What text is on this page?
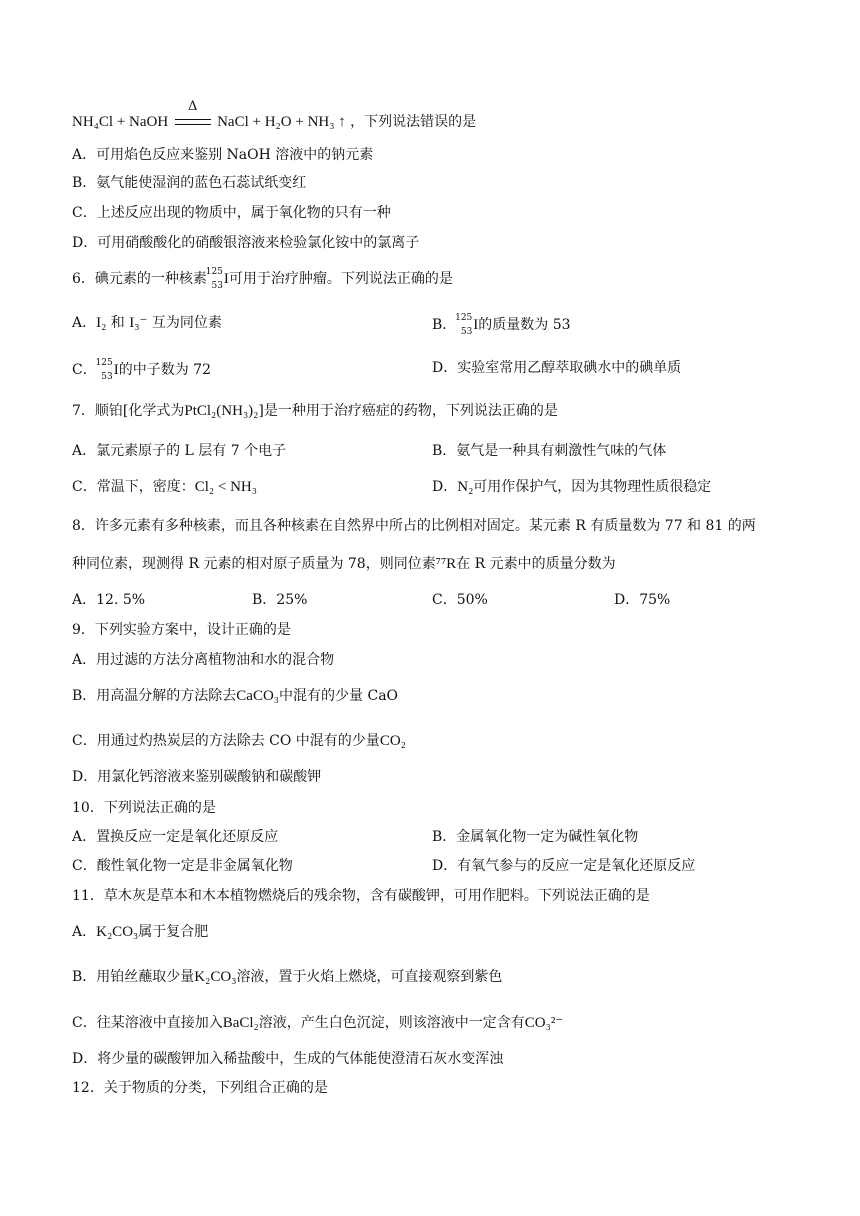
NH₄Cl + NaOH
Δ
NaCl + H₂O + NH₃ ↑ ，下列说法错误的是
A．可用焰色反应来鉴别 NaOH 溶液中的钠元素
B．氨气能使湿润的蓝色石蕊试纸变红
C．上述反应出现的物质中，属于氧化物的只有一种
D．可用硝酸酸化的硝酸银溶液来检验氯化铵中的氯离子
6．碘元素的一种核素
125
53 I可用于治疗肿瘤。下列说法正确的是
A．I₂ 和 I₃⁻ 互为同位素	B．
125
53 I的质量数为 53
C．
125
53 I的中子数为 72	D．实验室常用乙醇萃取碘水中的碘单质
7．顺铂[化学式为PtCl₂(NH₃)₂]是一种用于治疗癌症的药物，下列说法正确的是
A．氯元素原子的 L 层有 7 个电子	B．氨气是一种具有刺激性气味的气体
C．常温下，密度：Cl₂ < NH₃	D．N₂可用作保护气，因为其物理性质很稳定
8．许多元素有多种核素，而且各种核素在自然界中所占的比例相对固定。某元素 R 有质量数为 77 和 81 的两
种同位素，现测得 R 元素的相对原子质量为 78，则同位素⁷⁷R在 R 元素中的质量分数为
A．12. 5%	B．25%	C．50%	D．75%
9．下列实验方案中，设计正确的是
A．用过滤的方法分离植物油和水的混合物
B．用高温分解的方法除去CaCO₃中混有的少量 CaO
C．用通过灼热炭层的方法除去 CO 中混有的少量CO₂
D．用氯化钙溶液来鉴别碳酸钠和碳酸钾
10．下列说法正确的是
A．置换反应一定是氧化还原反应	B．金属氧化物一定为碱性氧化物
C．酸性氧化物一定是非金属氧化物	D．有氧气参与的反应一定是氧化还原反应
11．草木灰是草本和木本植物燃烧后的残余物，含有碳酸钾，可用作肥料。下列说法正确的是
A．K₂CO₃属于复合肥
B．用铂丝蘸取少量K₂CO₃溶液，置于火焰上燃烧，可直接观察到紫色
C．往某溶液中直接加入BaCl₂溶液，产生白色沉淀，则该溶液中一定含有CO₃²⁻
D．将少量的碳酸钾加入稀盐酸中，生成的气体能使澄清石灰水变浑浊
12．关于物质的分类，下列组合正确的是
